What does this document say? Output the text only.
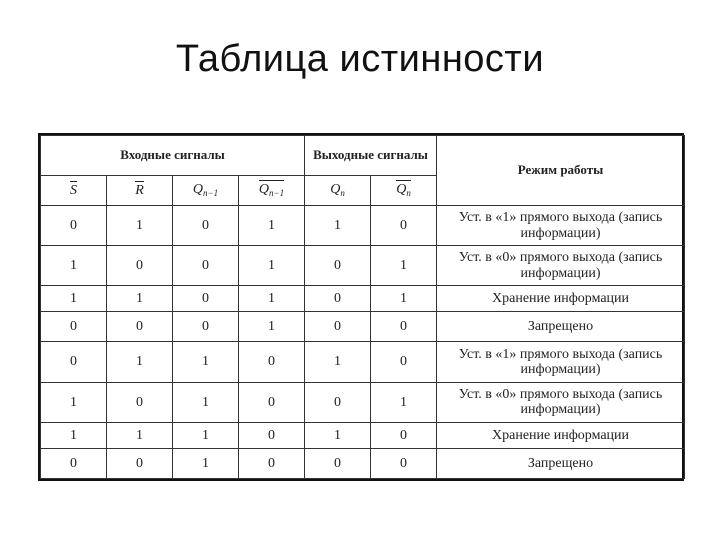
Таблица истинности
Входные сигналы				Выходные сигналы		Режим работы
S	R	$Q_{n-1}$	$Q_{n-1}$	$Q_n$	$Q_n$
0	1	0	1	1	0	Уст. в «1» прямого выхода (запись информации)
1	0	0	1	0	1	Уст. в «0» прямого выхода (запись информации)
1	1	0	1	0	1	Хранение информации
0	0	0	1	0	0	Запрещено
0	1	1	0	1	0	Уст. в «1» прямого выхода (запись информации)
1	0	1	0	0	1	Уст. в «0» прямого выхода (запись информации)
1	1	1	0	1	0	Хранение информации
0	0	1	0	0	0	Запрещено
